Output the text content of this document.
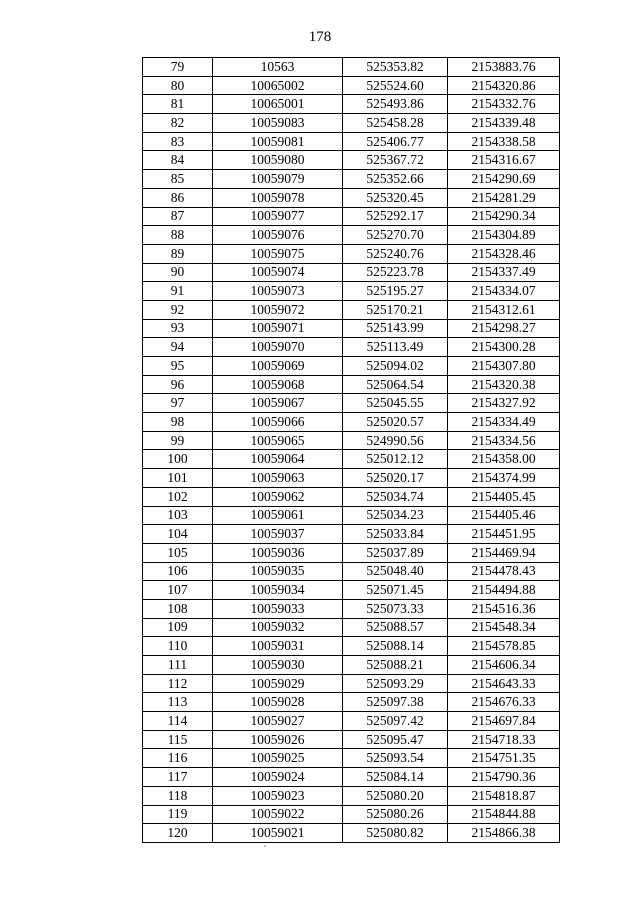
178
79	10563	525353.82	2153883.76
80	10065002	525524.60	2154320.86
81	10065001	525493.86	2154332.76
82	10059083	525458.28	2154339.48
83	10059081	525406.77	2154338.58
84	10059080	525367.72	2154316.67
85	10059079	525352.66	2154290.69
86	10059078	525320.45	2154281.29
87	10059077	525292.17	2154290.34
88	10059076	525270.70	2154304.89
89	10059075	525240.76	2154328.46
90	10059074	525223.78	2154337.49
91	10059073	525195.27	2154334.07
92	10059072	525170.21	2154312.61
93	10059071	525143.99	2154298.27
94	10059070	525113.49	2154300.28
95	10059069	525094.02	2154307.80
96	10059068	525064.54	2154320.38
97	10059067	525045.55	2154327.92
98	10059066	525020.57	2154334.49
99	10059065	524990.56	2154334.56
100	10059064	525012.12	2154358.00
101	10059063	525020.17	2154374.99
102	10059062	525034.74	2154405.45
103	10059061	525034.23	2154405.46
104	10059037	525033.84	2154451.95
105	10059036	525037.89	2154469.94
106	10059035	525048.40	2154478.43
107	10059034	525071.45	2154494.88
108	10059033	525073.33	2154516.36
109	10059032	525088.57	2154548.34
110	10059031	525088.14	2154578.85
111	10059030	525088.21	2154606.34
112	10059029	525093.29	2154643.33
113	10059028	525097.38	2154676.33
114	10059027	525097.42	2154697.84
115	10059026	525095.47	2154718.33
116	10059025	525093.54	2154751.35
117	10059024	525084.14	2154790.36
118	10059023	525080.20	2154818.87
119	10059022	525080.26	2154844.88
120	10059021	525080.82	2154866.38
